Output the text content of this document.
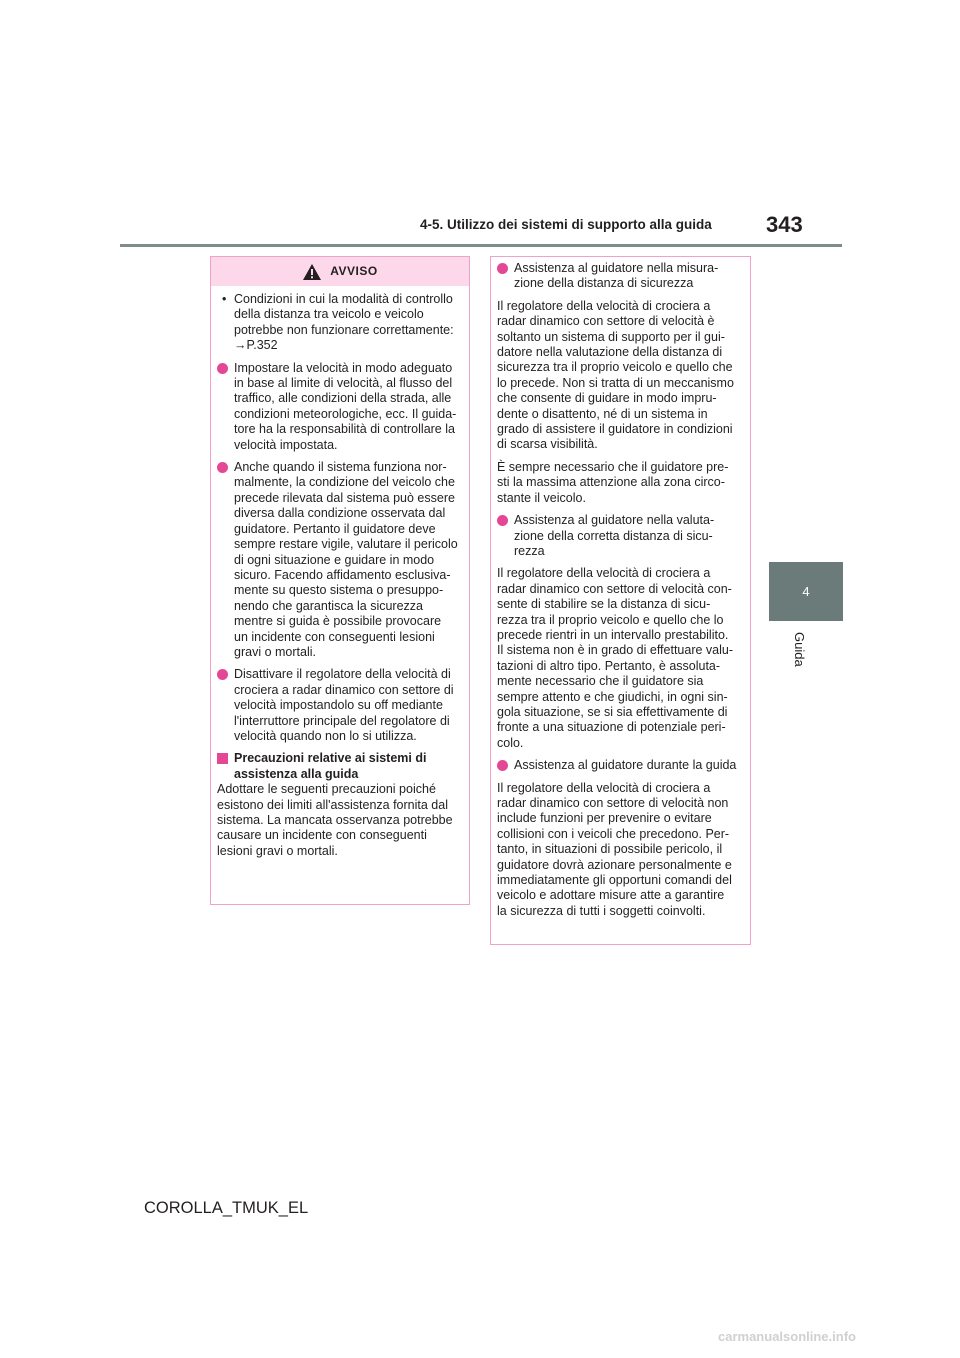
4-5. Utilizzo dei sistemi di supporto alla guida 343
4
Guida
AVVISO
• Condizioni in cui la modalità di controllo
della distanza tra veicolo e veicolo
potrebbe non funzionare correttamente:
→P.352
Impostare la velocità in modo adeguato
in base al limite di velocità, al flusso del
traffico, alle condizioni della strada, alle
condizioni meteorologiche, ecc. Il guida-
tore ha la responsabilità di controllare la
velocità impostata.
Anche quando il sistema funziona nor-
malmente, la condizione del veicolo che
precede rilevata dal sistema può essere
diversa dalla condizione osservata dal
guidatore. Pertanto il guidatore deve
sempre restare vigile, valutare il pericolo
di ogni situazione e guidare in modo
sicuro. Facendo affidamento esclusiva-
mente su questo sistema o presuppo-
nendo che garantisca la sicurezza
mentre si guida è possibile provocare
un incidente con conseguenti lesioni
gravi o mortali.
Disattivare il regolatore della velocità di
crociera a radar dinamico con settore di
velocità impostandolo su off mediante
l'interruttore principale del regolatore di
velocità quando non lo si utilizza.
Precauzioni relative ai sistemi di
assistenza alla guida
Adottare le seguenti precauzioni poiché
esistono dei limiti all'assistenza fornita dal
sistema. La mancata osservanza potrebbe
causare un incidente con conseguenti
lesioni gravi o mortali.
Assistenza al guidatore nella misura-
zione della distanza di sicurezza
Il regolatore della velocità di crociera a
radar dinamico con settore di velocità è
soltanto un sistema di supporto per il gui-
datore nella valutazione della distanza di
sicurezza tra il proprio veicolo e quello che
lo precede. Non si tratta di un meccanismo
che consente di guidare in modo impru-
dente o disattento, né di un sistema in
grado di assistere il guidatore in condizioni
di scarsa visibilità.
È sempre necessario che il guidatore pre-
sti la massima attenzione alla zona circo-
stante il veicolo.
Assistenza al guidatore nella valuta-
zione della corretta distanza di sicu-
rezza
Il regolatore della velocità di crociera a
radar dinamico con settore di velocità con-
sente di stabilire se la distanza di sicu-
rezza tra il proprio veicolo e quello che lo
precede rientri in un intervallo prestabilito.
Il sistema non è in grado di effettuare valu-
tazioni di altro tipo. Pertanto, è assoluta-
mente necessario che il guidatore sia
sempre attento e che giudichi, in ogni sin-
gola situazione, se si sia effettivamente di
fronte a una situazione di potenziale peri-
colo.
Assistenza al guidatore durante la guida
Il regolatore della velocità di crociera a
radar dinamico con settore di velocità non
include funzioni per prevenire o evitare
collisioni con i veicoli che precedono. Per-
tanto, in situazioni di possibile pericolo, il
guidatore dovrà azionare personalmente e
immediatamente gli opportuni comandi del
veicolo e adottare misure atte a garantire
la sicurezza di tutti i soggetti coinvolti.
COROLLA_TMUK_EL
carmanualsonline.info
